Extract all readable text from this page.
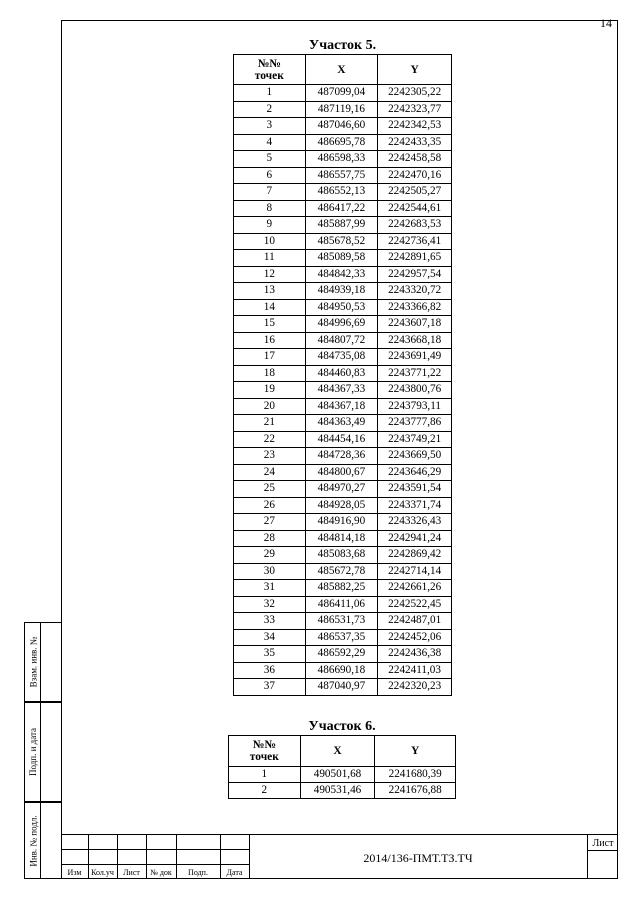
14
Взам. инв. №
Подп. и дата
Инв. № подл.
Участок 5.
№№ точек	X	Y
1	487099,04	2242305,22
2	487119,16	2242323,77
3	487046,60	2242342,53
4	486695,78	2242433,35
5	486598,33	2242458,58
6	486557,75	2242470,16
7	486552,13	2242505,27
8	486417,22	2242544,61
9	485887,99	2242683,53
10	485678,52	2242736,41
11	485089,58	2242891,65
12	484842,33	2242957,54
13	484939,18	2243320,72
14	484950,53	2243366,82
15	484996,69	2243607,18
16	484807,72	2243668,18
17	484735,08	2243691,49
18	484460,83	2243771,22
19	484367,33	2243800,76
20	484367,18	2243793,11
21	484363,49	2243777,86
22	484454,16	2243749,21
23	484728,36	2243669,50
24	484800,67	2243646,29
25	484970,27	2243591,54
26	484928,05	2243371,74
27	484916,90	2243326,43
28	484814,18	2242941,24
29	485083,68	2242869,42
30	485672,78	2242714,14
31	485882,25	2242661,26
32	486411,06	2242522,45
33	486531,73	2242487,01
34	486537,35	2242452,06
35	486592,29	2242436,38
36	486690,18	2242411,03
37	487040,97	2242320,23
Участок 6.
№№ точек	X	Y
1	490501,68	2241680,39
2	490531,46	2241676,88
Изм	Кол.уч	Лист	№ док	Подп.	Дата
2014/136-ПМТ.ТЗ.ТЧ
Лист
